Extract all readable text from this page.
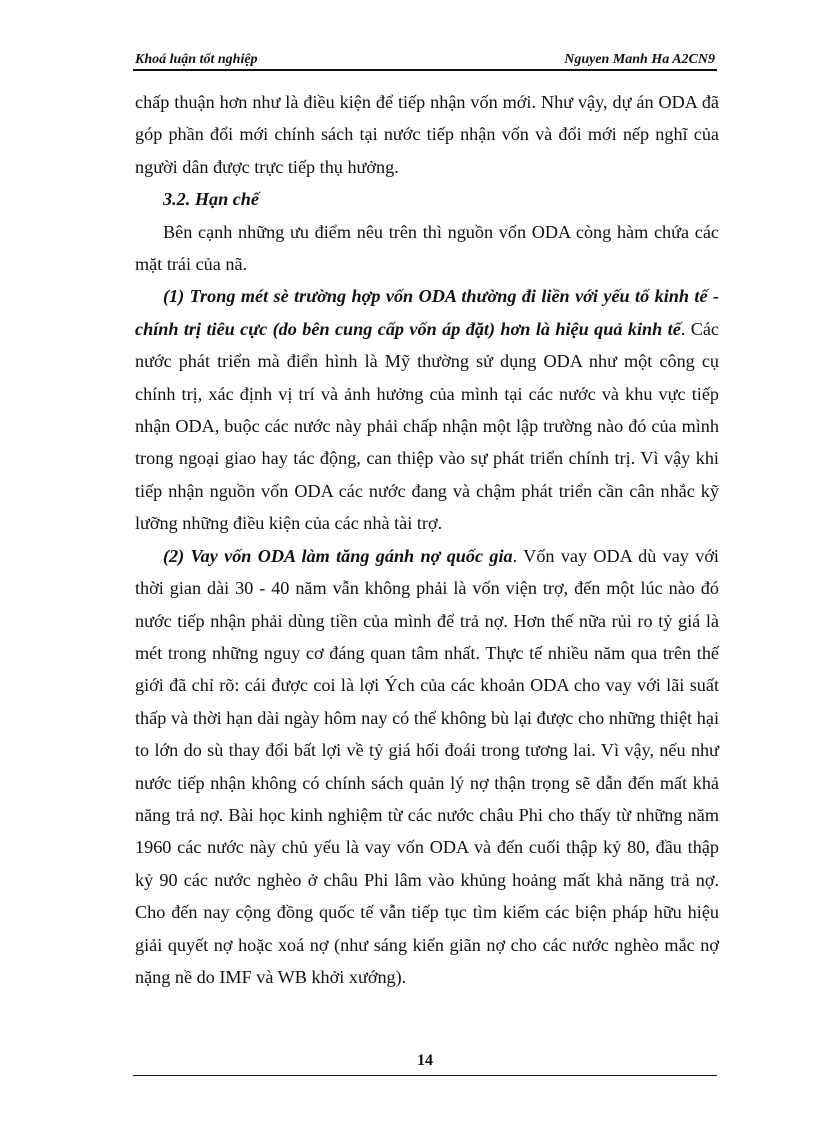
Khoá luận tốt nghiệp	Nguyen Manh Ha A2CN9

chấp thuận hơn như là điều kiện để tiếp nhận vốn mới. Như vậy, dự án ODA đã góp phần đổi mới chính sách tại nước tiếp nhận vốn và đổi mới nếp nghĩ của người dân được trực tiếp thụ hưởng.

3.2. Hạn chế

Bên cạnh những ưu điểm nêu trên thì nguồn vốn ODA còng hàm chứa các mặt trái của nã.

(1) Trong mét sè trường hợp vốn ODA thường đi liền với yếu tố kinh tế - chính trị tiêu cực (do bên cung cấp vốn áp đặt) hơn là hiệu quả kinh tế. Các nước phát triển mà điển hình là Mỹ thường sử dụng ODA như một công cụ chính trị, xác định vị trí và ảnh hưởng của mình tại các nước và khu vực tiếp nhận ODA, buộc các nước này phải chấp nhận một lập trường nào đó của mình trong ngoại giao hay tác động, can thiệp vào sự phát triển chính trị. Vì vậy khi tiếp nhận nguồn vốn ODA các nước đang và chậm phát triển cần cân nhắc kỹ lưỡng những điều kiện của các nhà tài trợ.

(2) Vay vốn ODA làm tăng gánh nợ quốc gia. Vốn vay ODA dù vay với thời gian dài 30 - 40 năm vẫn không phải là vốn viện trợ, đến một lúc nào đó nước tiếp nhận phải dùng tiền của mình để trả nợ. Hơn thế nữa rủi ro tỷ giá là mét trong những nguy cơ đáng quan tâm nhất. Thực tế nhiều năm qua trên thế giới đã chỉ rõ: cái được coi là lợi Ých của các khoản ODA cho vay với lãi suất thấp và thời hạn dài ngày hôm nay có thể không bù lại được cho những thiệt hại to lớn do sù thay đổi bất lợi về tỷ giá hối đoái trong tương lai. Vì vậy, nếu như nước tiếp nhận không có chính sách quản lý nợ thận trọng sẽ dẫn đến mất khả năng trả nợ. Bài học kinh nghiệm từ các nước châu Phi cho thấy từ những năm 1960 các nước này chủ yếu là vay vốn ODA và đến cuối thập kỷ 80, đầu thập kỷ 90 các nước nghèo ở châu Phi lâm vào khủng hoảng mất khả năng trả nợ. Cho đến nay cộng đồng quốc tế vẫn tiếp tục tìm kiếm các biện pháp hữu hiệu giải quyết nợ hoặc xoá nợ (như sáng kiến giãn nợ cho các nước nghèo mắc nợ nặng nề do IMF và WB khởi xướng).

14
